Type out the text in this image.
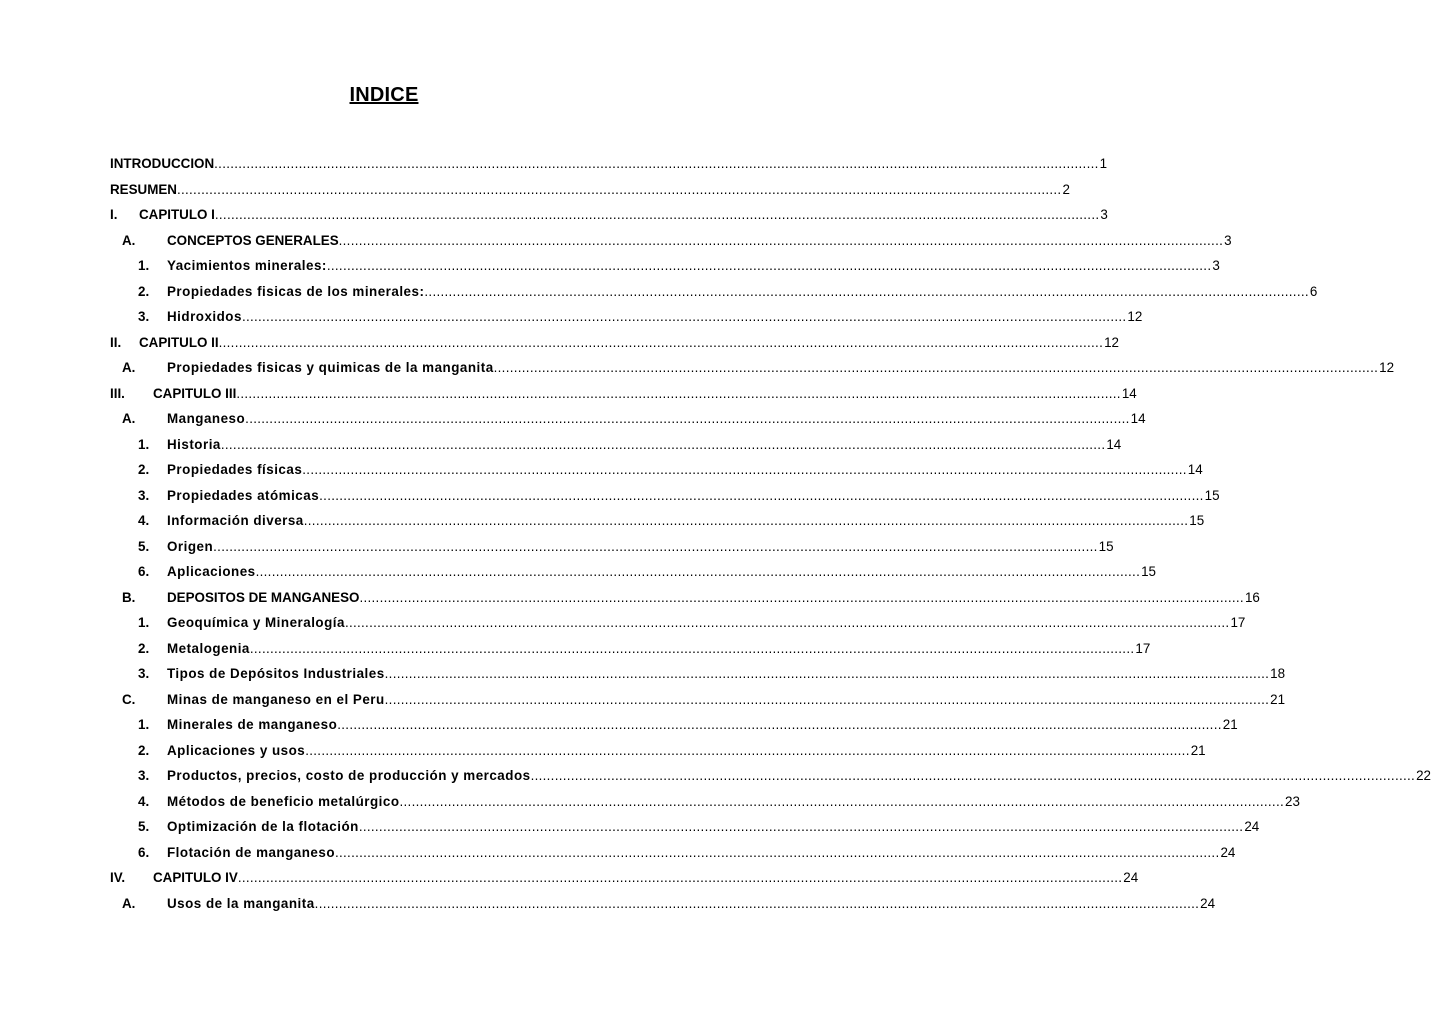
INDICE
INTRODUCCION ............................................................................................................................................................................................................................ 1
RESUMEN ............................................................................................................................................................................................................................ 2
I. CAPITULO I ............................................................................................................................................................................................................................ 3
A. CONCEPTOS GENERALES ............................................................................................................................................................................................................................ 3
1. Yacimientos minerales: ............................................................................................................................................................................................................................ 3
2. Propiedades fisicas de los minerales: ............................................................................................................................................................................................................................ 6
3. Hidroxidos ............................................................................................................................................................................................................................ 12
II. CAPITULO II ............................................................................................................................................................................................................................ 12
A. Propiedades fisicas y quimicas de la manganita ............................................................................................................................................................................................................................ 12
III. CAPITULO III ............................................................................................................................................................................................................................ 14
A. Manganeso ............................................................................................................................................................................................................................ 14
1. Historia ............................................................................................................................................................................................................................ 14
2. Propiedades físicas ............................................................................................................................................................................................................................ 14
3. Propiedades atómicas ............................................................................................................................................................................................................................ 15
4. Información diversa ............................................................................................................................................................................................................................ 15
5. Origen ............................................................................................................................................................................................................................ 15
6. Aplicaciones ............................................................................................................................................................................................................................ 15
B. DEPOSITOS DE MANGANESO ............................................................................................................................................................................................................................ 16
1. Geoquímica y Mineralogía ............................................................................................................................................................................................................................ 17
2. Metalogenia ............................................................................................................................................................................................................................ 17
3. Tipos de Depósitos Industriales ............................................................................................................................................................................................................................ 18
C. Minas de manganeso en el Peru ............................................................................................................................................................................................................................ 21
1. Minerales de manganeso ............................................................................................................................................................................................................................ 21
2. Aplicaciones y usos ............................................................................................................................................................................................................................ 21
3. Productos, precios, costo de producción y mercados ............................................................................................................................................................................................................................ 22
4. Métodos de beneficio metalúrgico ............................................................................................................................................................................................................................ 23
5. Optimización de la flotación ............................................................................................................................................................................................................................ 24
6. Flotación de manganeso ............................................................................................................................................................................................................................ 24
IV. CAPITULO IV ............................................................................................................................................................................................................................ 24
A. Usos de la manganita ............................................................................................................................................................................................................................ 24
